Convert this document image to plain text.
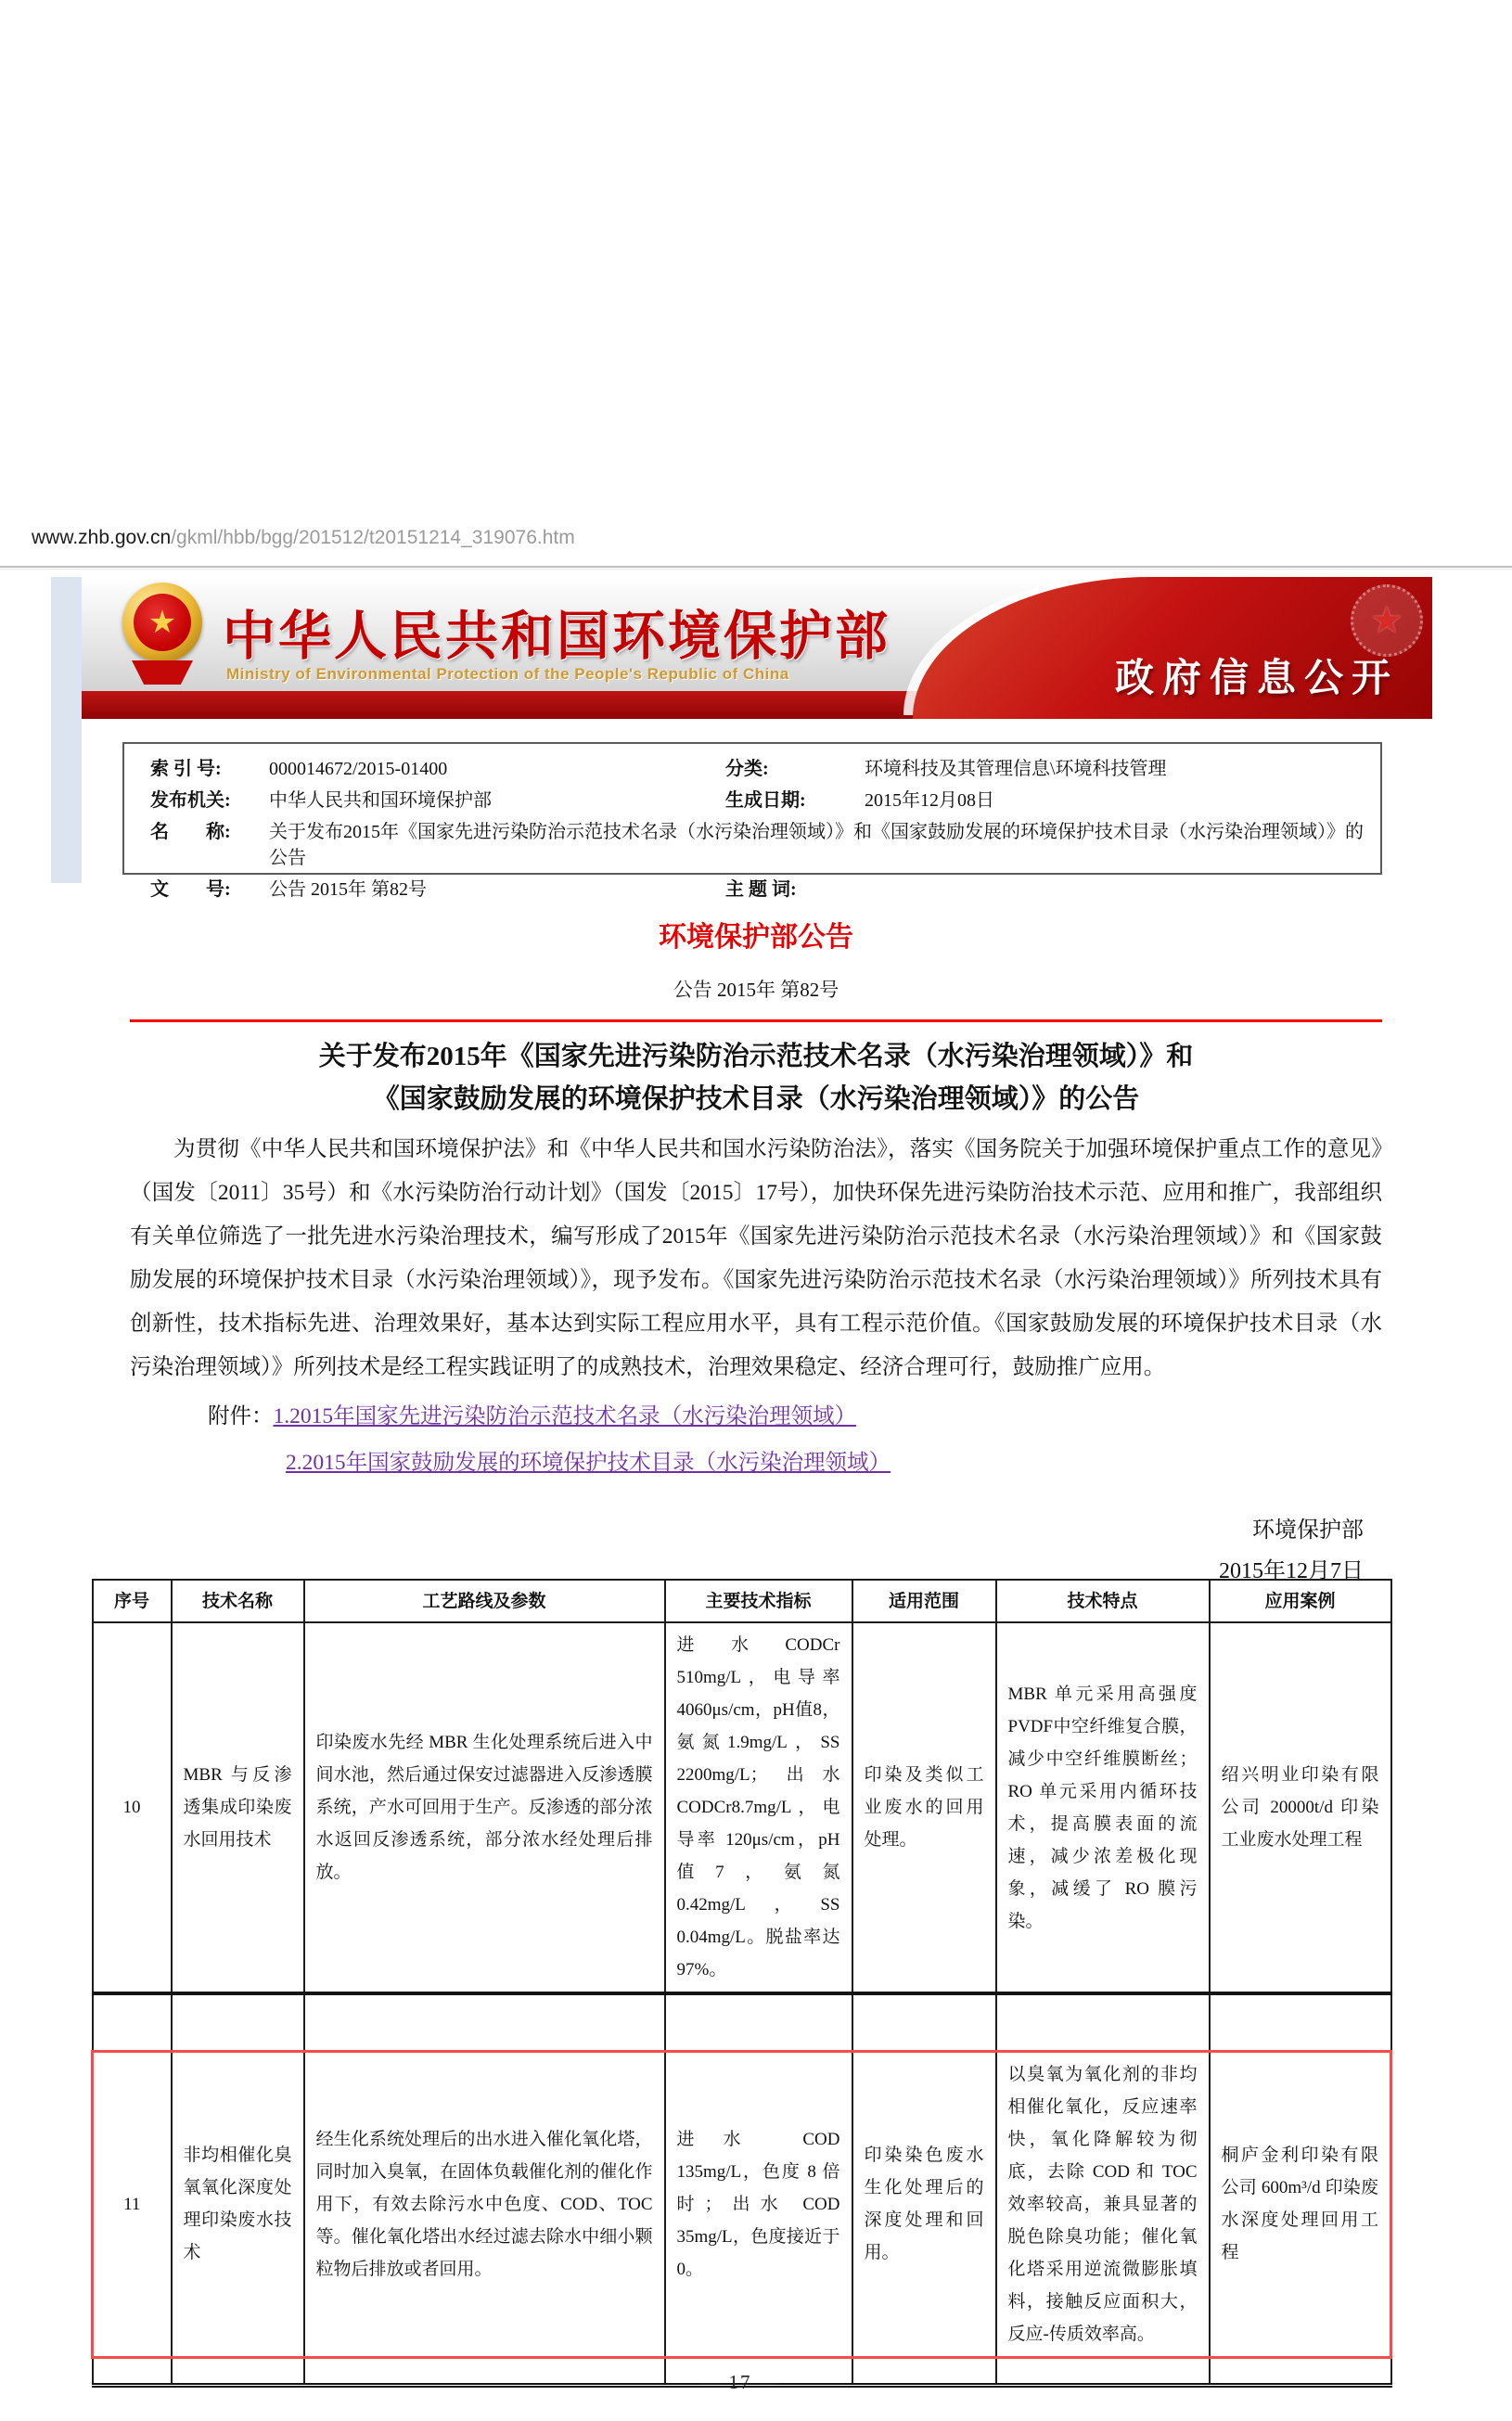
www.zhb.gov.cn/gkml/hbb/bgg/201512/t20151214_319076.htm
★ 中华人民共和国环境保护部
Ministry of Environmental Protection of the People's Republic of China
★
政府信息公开
索 引 号:	000014672/2015-01400	分类:	环境科技及其管理信息\环境科技管理
发布机关:	中华人民共和国环境保护部	生成日期:	2015年12月08日
名　　称:	关于发布2015年《国家先进污染防治示范技术名录（水污染治理领域）》和《国家鼓励发展的环境保护技术目录（水污染治理领域）》的公告
文　　号:	公告 2015年 第82号	主 题 词:
环境保护部公告
公告 2015年 第82号
关于发布2015年《国家先进污染防治示范技术名录（水污染治理领域）》和
《国家鼓励发展的环境保护技术目录（水污染治理领域）》的公告

为贯彻《中华人民共和国环境保护法》和《中华人民共和国水污染防治法》，落实《国务院关于加强环境保护重点工作的意见》（国发〔2011〕35号）和《水污染防治行动计划》（国发〔2015〕17号），加快环保先进污染防治技术示范、应用和推广，我部组织有关单位筛选了一批先进水污染治理技术，编写形成了2015年《国家先进污染防治示范技术名录（水污染治理领域）》和《国家鼓励发展的环境保护技术目录（水污染治理领域）》，现予发布。《国家先进污染防治示范技术名录（水污染治理领域）》所列技术具有创新性，技术指标先进、治理效果好，基本达到实际工程应用水平，具有工程示范价值。《国家鼓励发展的环境保护技术目录（水污染治理领域）》所列技术是经工程实践证明了的成熟技术，治理效果稳定、经济合理可行，鼓励推广应用。

附件：1.2015年国家先进污染防治示范技术名录（水污染治理领域）
2.2015年国家鼓励发展的环境保护技术目录（水污染治理领域）
环境保护部
2015年12月7日
序号	技术名称	工艺路线及参数	主要技术指标	适用范围	技术特点	应用案例
10	MBR 与反渗透集成印染废水回用技术	印染废水先经 MBR 生化处理系统后进入中间水池，然后通过保安过滤器进入反渗透膜系统，产水可回用于生产。反渗透的部分浓水返回反渗透系统，部分浓水经处理后排放。	进水CODCr 510mg/L，电导率4060μs/cm，pH值8，氨氮1.9mg/L，SS 2200mg/L；出水CODCr8.7mg/L，电导率 120μs/cm，pH值7，氨氮0.42mg/L，SS 0.04mg/L。脱盐率达97%。	印染及类似工业废水的回用处理。	MBR 单元采用高强度PVDF中空纤维复合膜，减少中空纤维膜断丝；RO 单元采用内循环技术，提高膜表面的流速，减少浓差极化现象，减缓了 RO 膜污染。	绍兴明业印染有限公司 20000t/d 印染工业废水处理工程

11	非均相催化臭氧氧化深度处理印染废水技术	经生化系统处理后的出水进入催化氧化塔，同时加入臭氧，在固体负载催化剂的催化作用下，有效去除污水中色度、COD、TOC 等。催化氧化塔出水经过滤去除水中细小颗粒物后排放或者回用。	进水 COD 135mg/L，色度 8 倍时；出水 COD 35mg/L，色度接近于 0。	印染染色废水生化处理后的深度处理和回用。	以臭氧为氧化剂的非均相催化氧化，反应速率快，氧化降解较为彻底，去除 COD 和 TOC 效率较高，兼具显著的脱色除臭功能；催化氧化塔采用逆流微膨胀填料，接触反应面积大，反应-传质效率高。	桐庐金利印染有限公司 600m³/d 印染废水深度处理回用工程

— 17 —
